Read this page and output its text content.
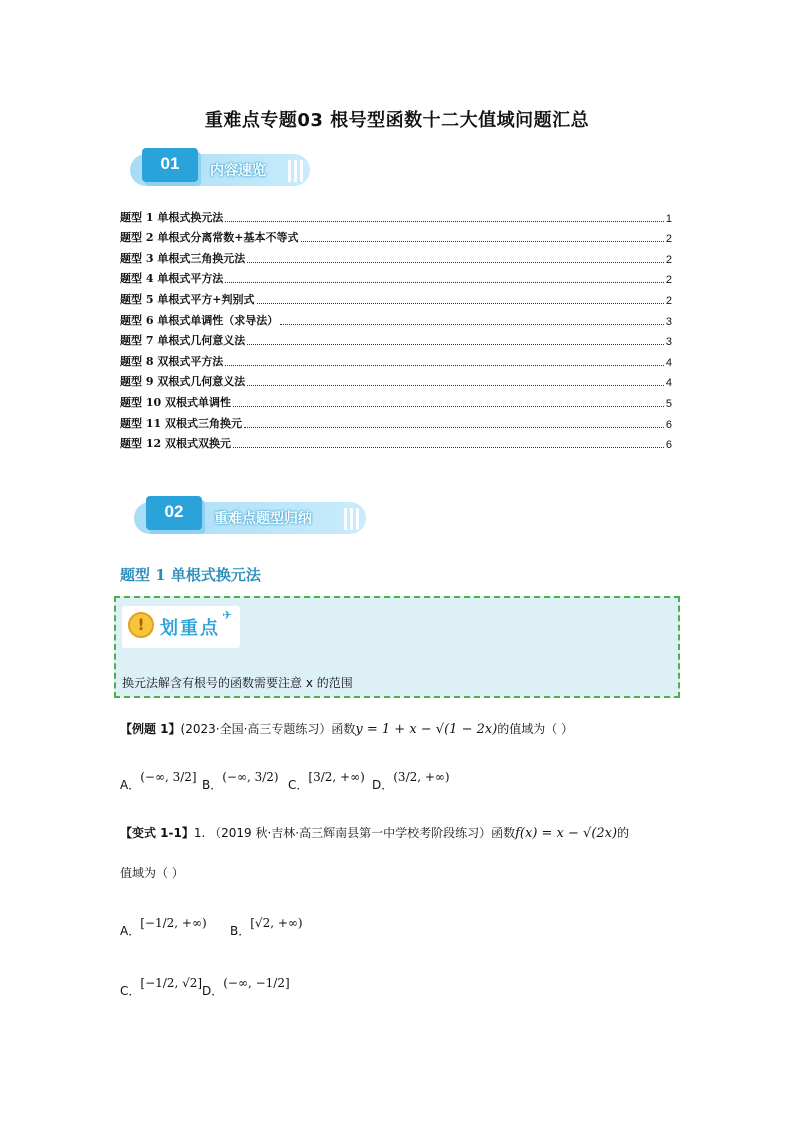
重难点专题03 根号型函数十二大值域问题汇总
01	内容速览
题型 1 单根式换元法	1
题型 2 单根式分离常数+基本不等式	2
题型 3 单根式三角换元法	2
题型 4 单根式平方法	2
题型 5 单根式平方+判别式	2
题型 6 单根式单调性（求导法）	3
题型 7 单根式几何意义法	3
题型 8 双根式平方法	4
题型 9 双根式几何意义法	4
题型 10 双根式单调性	5
题型 11 双根式三角换元	6
题型 12 双根式双换元	6
02	重难点题型归纳
题型 1 单根式换元法
! 划重点
✈
换元法解含有根号的函数需要注意 x 的范围
【例题 1】(2023·全国·高三专题练习）函数y = 1 + x − √(1 − 2x)的值域为（ ）
A．(−∞, 3/2]
B．(−∞, 3/2)
C．[3/2, +∞)
D．(3/2, +∞)
【变式 1-1】1. （2019 秋·吉林·高三辉南县第一中学校考阶段练习）函数f(x) = x − √(2x)的
值域为（ ）
A．[−1/2, +∞)
B．[√2, +∞)
C．[−1/2, √2]
D．(−∞, −1/2]
